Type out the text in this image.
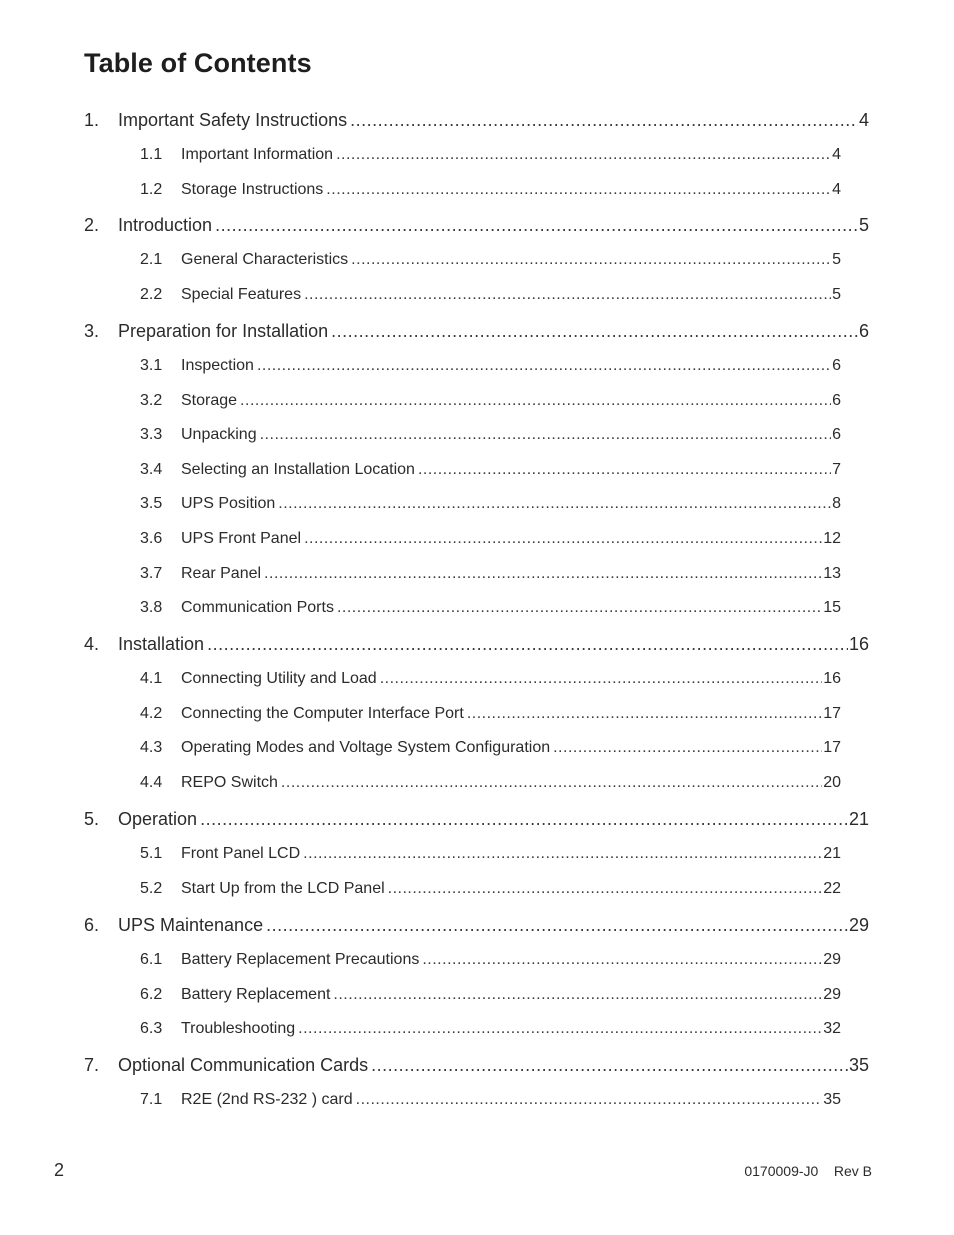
Table of Contents
1.	Important Safety Instructions .....	4
1.1	Important Information .....	4
1.2	Storage Instructions .....	4
2.	Introduction .....	5
2.1	General Characteristics .....	5
2.2	Special Features .....	5
3.	Preparation for Installation .....	6
3.1	Inspection .....	6
3.2	Storage .....	6
3.3	Unpacking .....	6
3.4	Selecting an Installation Location .....	7
3.5	UPS Position .....	8
3.6	UPS Front Panel .....	12
3.7	Rear Panel .....	13
3.8	Communication Ports .....	15
4.	Installation .....	16
4.1	Connecting Utility and Load .....	16
4.2	Connecting the Computer Interface Port .....	17
4.3	Operating Modes and Voltage System Configuration .....	17
4.4	REPO Switch .....	20
5.	Operation .....	21
5.1	Front Panel LCD .....	21
5.2	Start Up from the LCD Panel .....	22
6.	UPS Maintenance .....	29
6.1	Battery Replacement Precautions .....	29
6.2	Battery Replacement .....	29
6.3	Troubleshooting .....	32
7.	Optional Communication Cards .....	35
7.1	R2E (2nd RS-232 ) card .....	35
2	0170009-J0 Rev B
